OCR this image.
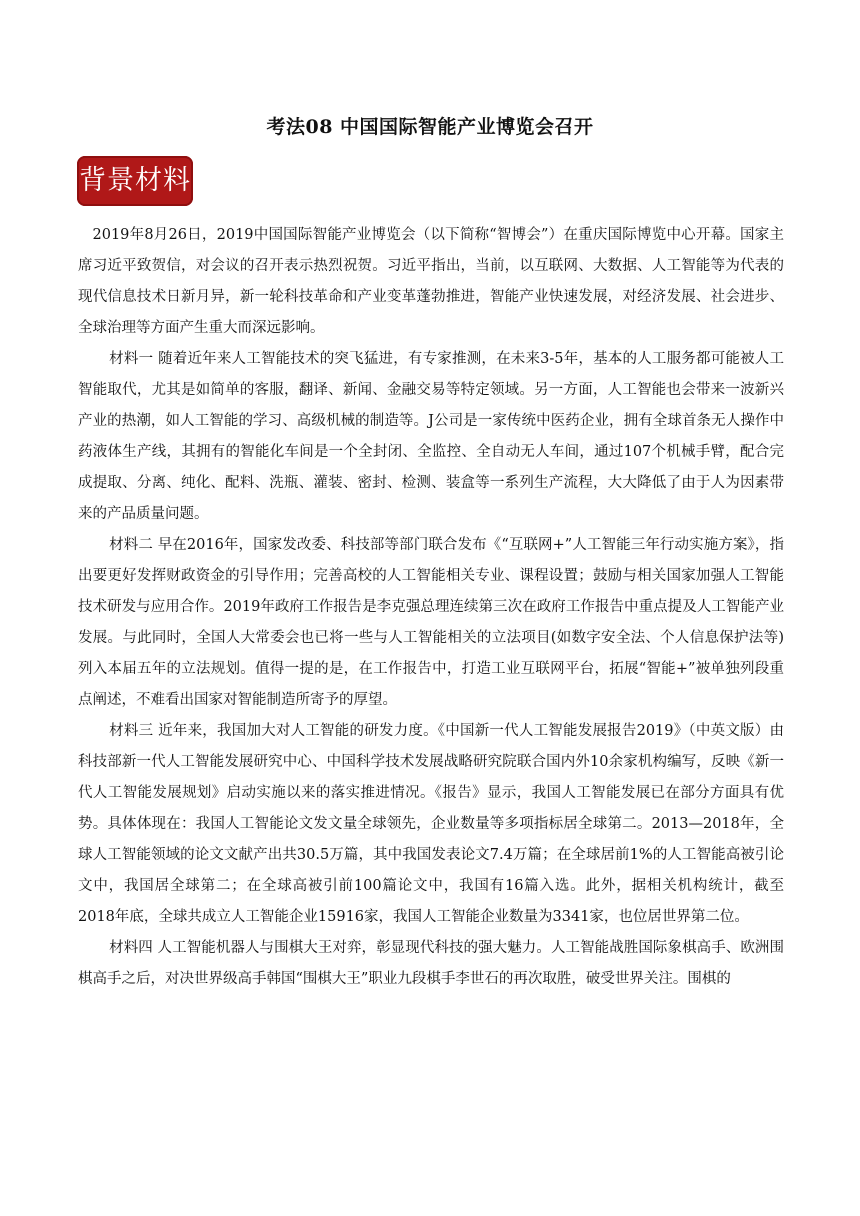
考法08 中国国际智能产业博览会召开
背景材料

2019年8月26日，2019中国国际智能产业博览会（以下简称“智博会”）在重庆国际博览中心开幕。国家主席习近平致贺信，对会议的召开表示热烈祝贺。习近平指出，当前，以互联网、大数据、人工智能等为代表的现代信息技术日新月异，新一轮科技革命和产业变革蓬勃推进，智能产业快速发展，对经济发展、社会进步、全球治理等方面产生重大而深远影响。

材料一 随着近年来人工智能技术的突飞猛进，有专家推测，在未来3-5年，基本的人工服务都可能被人工智能取代，尤其是如简单的客服，翻译、新闻、金融交易等特定领域。另一方面，人工智能也会带来一波新兴产业的热潮，如人工智能的学习、高级机械的制造等。J公司是一家传统中医药企业，拥有全球首条无人操作中药液体生产线，其拥有的智能化车间是一个全封闭、全监控、全自动无人车间，通过107个机械手臂，配合完成提取、分离、纯化、配料、洗瓶、灌装、密封、检测、装盒等一系列生产流程，大大降低了由于人为因素带来的产品质量问题。

材料二 早在2016年，国家发改委、科技部等部门联合发布《“互联网+”人工智能三年行动实施方案》，指出要更好发挥财政资金的引导作用；完善高校的人工智能相关专业、课程设置；鼓励与相关国家加强人工智能技术研发与应用合作。2019年政府工作报告是李克强总理连续第三次在政府工作报告中重点提及人工智能产业发展。与此同时，全国人大常委会也已将一些与人工智能相关的立法项目(如数字安全法、个人信息保护法等)列入本届五年的立法规划。值得一提的是，在工作报告中，打造工业互联网平台，拓展“智能+”被单独列段重点阐述，不难看出国家对智能制造所寄予的厚望。

材料三 近年来，我国加大对人工智能的研发力度。《中国新一代人工智能发展报告2019》（中英文版）由科技部新一代人工智能发展研究中心、中国科学技术发展战略研究院联合国内外10余家机构编写，反映《新一代人工智能发展规划》启动实施以来的落实推进情况。《报告》显示，我国人工智能发展已在部分方面具有优势。具体体现在：我国人工智能论文发文量全球领先，企业数量等多项指标居全球第二。2013—2018年，全球人工智能领域的论文文献产出共30.5万篇，其中我国发表论文7.4万篇；在全球居前1%的人工智能高被引论文中，我国居全球第二；在全球高被引前100篇论文中，我国有16篇入选。此外，据相关机构统计，截至2018年底，全球共成立人工智能企业15916家，我国人工智能企业数量为3341家，也位居世界第二位。

材料四 人工智能机器人与围棋大王对弈，彰显现代科技的强大魅力。人工智能战胜国际象棋高手、欧洲围棋高手之后，对决世界级高手韩国“围棋大王”职业九段棋手李世石的再次取胜，破受世界关注。围棋的
